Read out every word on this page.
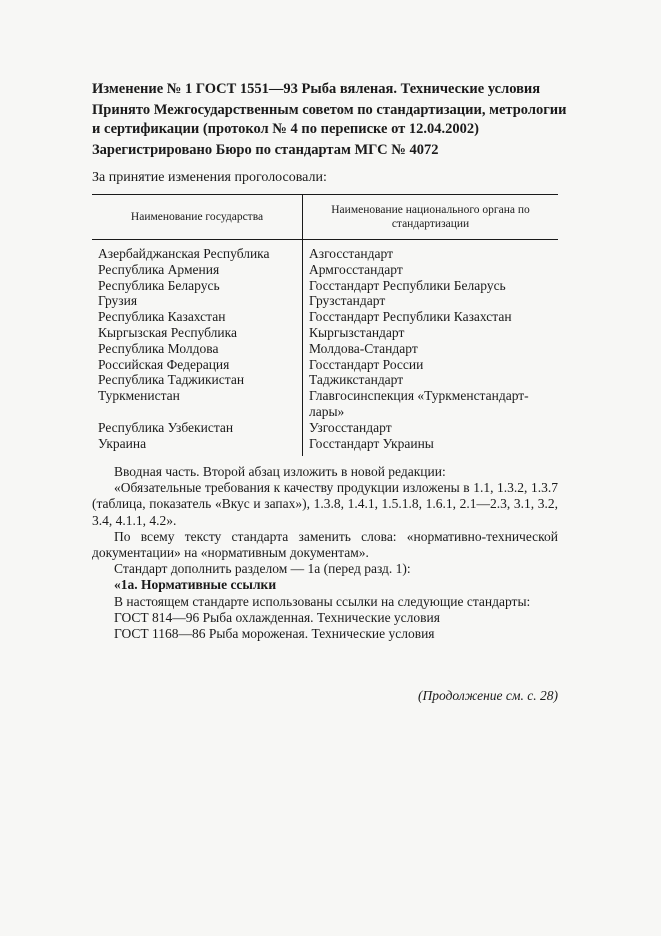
Изменение № 1 ГОСТ 1551—93 Рыба вяленая. Технические условия

Принято Межгосударственным советом по стандартизации, метрологии и сертификации (протокол № 4 по переписке от 12.04.2002)

Зарегистрировано Бюро по стандартам МГС № 4072

За принятие изменения проголосовали:

Наименование государства	Наименование национального органа по стандартизации
Азербайджанская Республика	Азгосстандарт
Республика Армения	Армгосстандарт
Республика Беларусь	Госстандарт Республики Беларусь
Грузия	Грузстандарт
Республика Казахстан	Госстандарт Республики Казахстан
Кыргызская Республика	Кыргызстандарт
Республика Молдова	Молдова-Стандарт
Российская Федерация	Госстандарт России
Республика Таджикистан	Таджикстандарт
Туркменистан	Главгосинспекция «Туркменстандарт-лары»
Республика Узбекистан	Узгосстандарт
Украина	Госстандарт Украины

Вводная часть. Второй абзац изложить в новой редакции:

«Обязательные требования к качеству продукции изложены в 1.1, 1.3.2, 1.3.7 (таблица, показатель «Вкус и запах»), 1.3.8, 1.4.1, 1.5.1.8, 1.6.1, 2.1—2.3, 3.1, 3.2, 3.4, 4.1.1, 4.2».

По всему тексту стандарта заменить слова: «нормативно-технической документации» на «нормативным документам».

Стандарт дополнить разделом — 1а (перед разд. 1):

«1а. Нормативные ссылки

В настоящем стандарте использованы ссылки на следующие стандарты:

ГОСТ 814—96 Рыба охлажденная. Технические условия

ГОСТ 1168—86 Рыба мороженая. Технические условия

(Продолжение см. с. 28)
